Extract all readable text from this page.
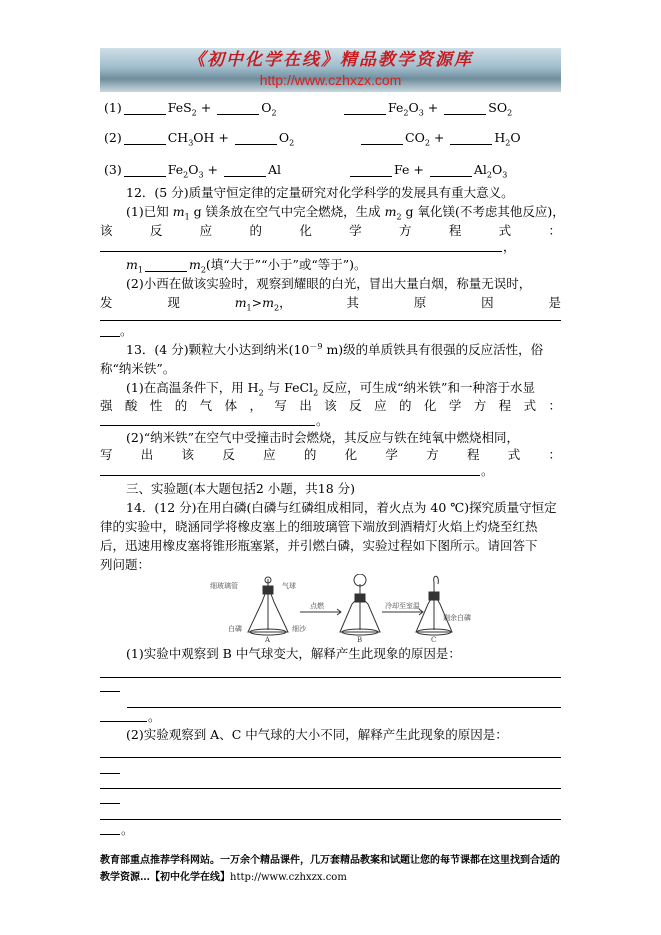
《初中化学在线》精品教学资源库
http://www.czhxzx.com
(1)	FeS$_2$ +	$O_2$	$Fe_2O_3$ +	$SO_2$
(2)	$CH_3OH$ +	$O_2$	$CO_2$ +	$H_2O$
(3)	$Fe_2O_3$ +	Al	Fe +	$Al_2O_3$
12．(5 分)质量守恒定律的定量研究对化学科学的发展具有重大意义。
(1)已知 $m_1$ g 镁条放在空气中完全燃烧，生成 $m_2$ g 氧化镁(不考虑其他反应)，
该 反 应 的 化 学 方 程 式 ：
，
$m_1$	$m_2$(填“大于”“小于”或“等于”)。
(2)小西在做该实验时，观察到耀眼的白光，冒出大量白烟，称量无误时，
发	现	$m_1>m_2$，	其	原	因	是
。
13．(4 分)颗粒大小达到纳米($10^{-9}$ m)级的单质铁具有很强的反应活性，俗
称“纳米铁”。
(1)在高温条件下，用 $H_2$ 与 FeCl$_2$ 反应，可生成“纳米铁”和一种溶于水显
强 酸 性 的 气 体 ， 写 出 该 反 应 的 化 学 方 程 式 ：
。
(2)“纳米铁”在空气中受撞击时会燃烧，其反应与铁在纯氧中燃烧相同，
写 出 该 反 应 的 化 学 方 程 式 ：
。
三、实验题(本大题包括2 小题，共18 分)
14．(12 分)在用白磷(白磷与红磷组成相同，着火点为 40 ℃)探究质量守恒定
律的实验中，晓涵同学将橡皮塞上的细玻璃管下端放到酒精灯火焰上灼烧至红热
后，迅速用橡皮塞将锥形瓶塞紧，并引燃白磷，实验过程如下图所示。请回答下
列问题：
细玻璃管	气球
白磷	细沙
点燃	冷却至室温
剩余白磷
A	B	C
(1)实验中观察到 B 中气球变大，解释产生此现象的原因是：
。
(2)实验观察到 A、C 中气球的大小不同，解释产生此现象的原因是：
。
教育部重点推荐学科网站。一万余个精品课件，几万套精品教案和试题让您的每节课都在这里找到合适的
教学资源…【初中化学在线】http://www.czhxzx.com
